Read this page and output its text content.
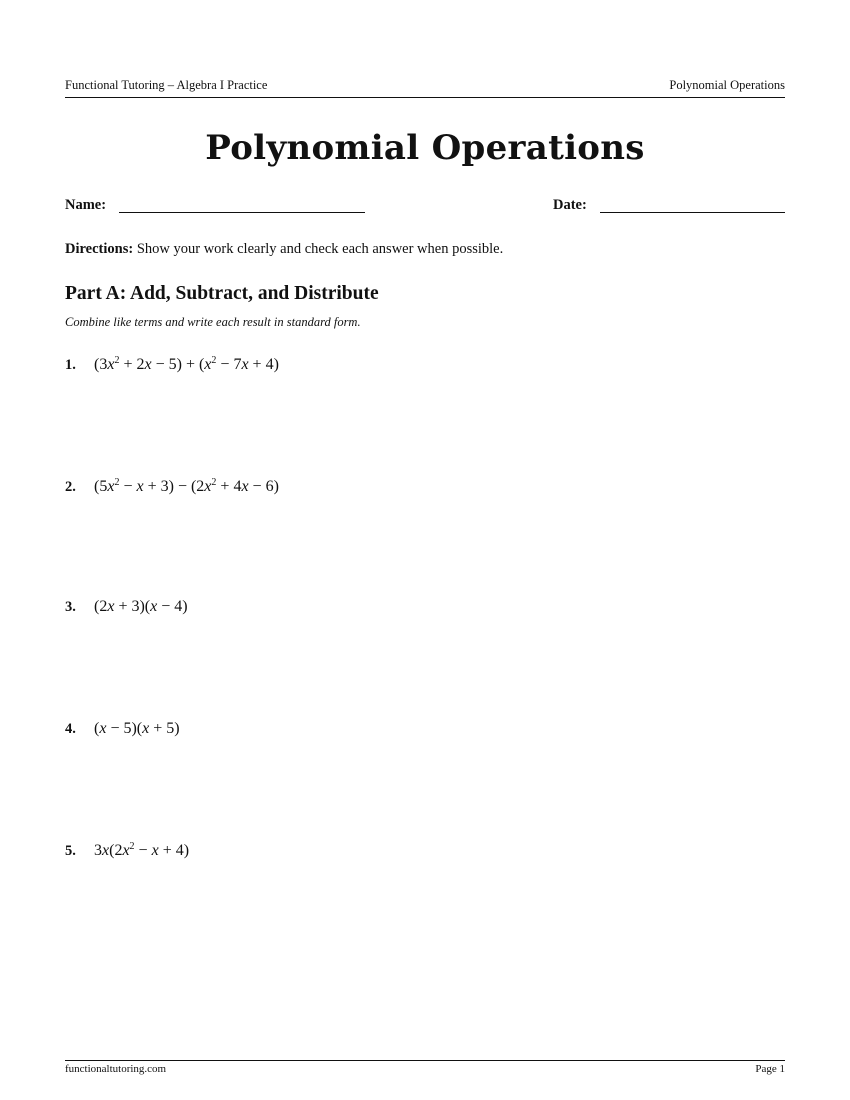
Functional Tutoring – Algebra I Practice	Polynomial Operations
Polynomial Operations
Name:	Date:
Directions: Show your work clearly and check each answer when possible.
Part A: Add, Subtract, and Distribute
Combine like terms and write each result in standard form.
1. $(3x^2 + 2x - 5) + (x^2 - 7x + 4)$
2. $(5x^2 - x + 3) - (2x^2 + 4x - 6)$
3. (2x + 3)(x − 4)
4. (x − 5)(x + 5)
5. $3x(2x^2 - x + 4)$
functionaltutoring.com	Page 1
